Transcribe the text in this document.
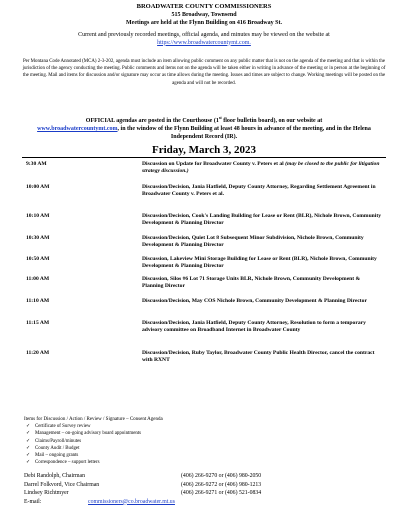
BROADWATER COUNTY COMMISSIONERS
515 Broadway, Townsend
Meetings are held at the Flynn Building on 416 Broadway St.
Current and previously recorded meetings, official agenda, and minutes may be viewed on the website at
https://www.broadwatercountymt.com.
Per Montana Code Annotated (MCA) 2-3-202, agenda must include an item allowing public comment on any public matter that is not on the agenda of the meeting and that is within the jurisdiction of the agency conducting the meeting. Public comments and items not on the agenda will be taken either in writing in advance of the meeting or in person at the beginning of the meeting. Mail and items for discussion and/or signature may occur as time allows during the meeting. Issues and times are subject to change. Working meetings will be posted on the agenda and will not be recorded.
OFFICIAL agendas are posted in the Courthouse (1st floor bulletin board), on our website at
www.broadwatercountymt.com, in the window of the Flynn Building at least 48 hours in advance of the meeting, and in the Helena Independent Record (IR).
Friday, March 3, 2023
9:30 AM	Discussion on Update for Broadwater County v. Peters et al (may be closed to the public for litigation strategy discussion.)
10:00 AM	Discussion/Decision, Jania Hatfield, Deputy County Attorney, Regarding Settlement Agreement in Broadwater County v. Peters et al.
10:10 AM	Discussion/Decision, Cook's Landing Building for Lease or Rent (BLR), Nichole Brown, Community Development & Planning Director
10:30 AM	Discussion/Decision, Quiet Lot 8 Subsequent Minor Subdivision, Nichole Brown, Community Development & Planning Director
10:50 AM	Discussion, Lakeview Mini Storage Building for Lease or Rent (BLR), Nichole Brown, Community Development & Planning Director
11:00 AM	Discussion, Silos #6 Lot 71 Storage Units BLR, Nichole Brown, Community Development & Planning Director
11:10 AM	Discussion/Decision, May COS Nichole Brown, Community Development & Planning Director
11:15 AM	Discussion/Decision, Jania Hatfield, Deputy County Attorney, Resolution to form a temporary advisory committee on Broadband Internet in Broadwater County
11:20 AM	Discussion/Decision, Ruby Taylor, Broadwater County Public Health Director, cancel the contract with RXNT
Items for Discussion / Action / Review / Signature – Consent Agenda
✓ Certificate of Survey review
✓ Management – on-going advisory board appointments
✓ Claims/Payroll/minutes
✓ County Audit / Budget
✓ Mail – ongoing grants
✓ Correspondence – support letters
Debi Randolph, Chairman	(406) 266-9270 or (406) 980-2050
Darrel Folkvord, Vice Chairman	(406) 266-9272 or (406) 980-1213
Lindsey Richtmyer	(406) 266-9271 or (406) 521-0834
E-mail:	commissioners@co.broadwater.mt.us
